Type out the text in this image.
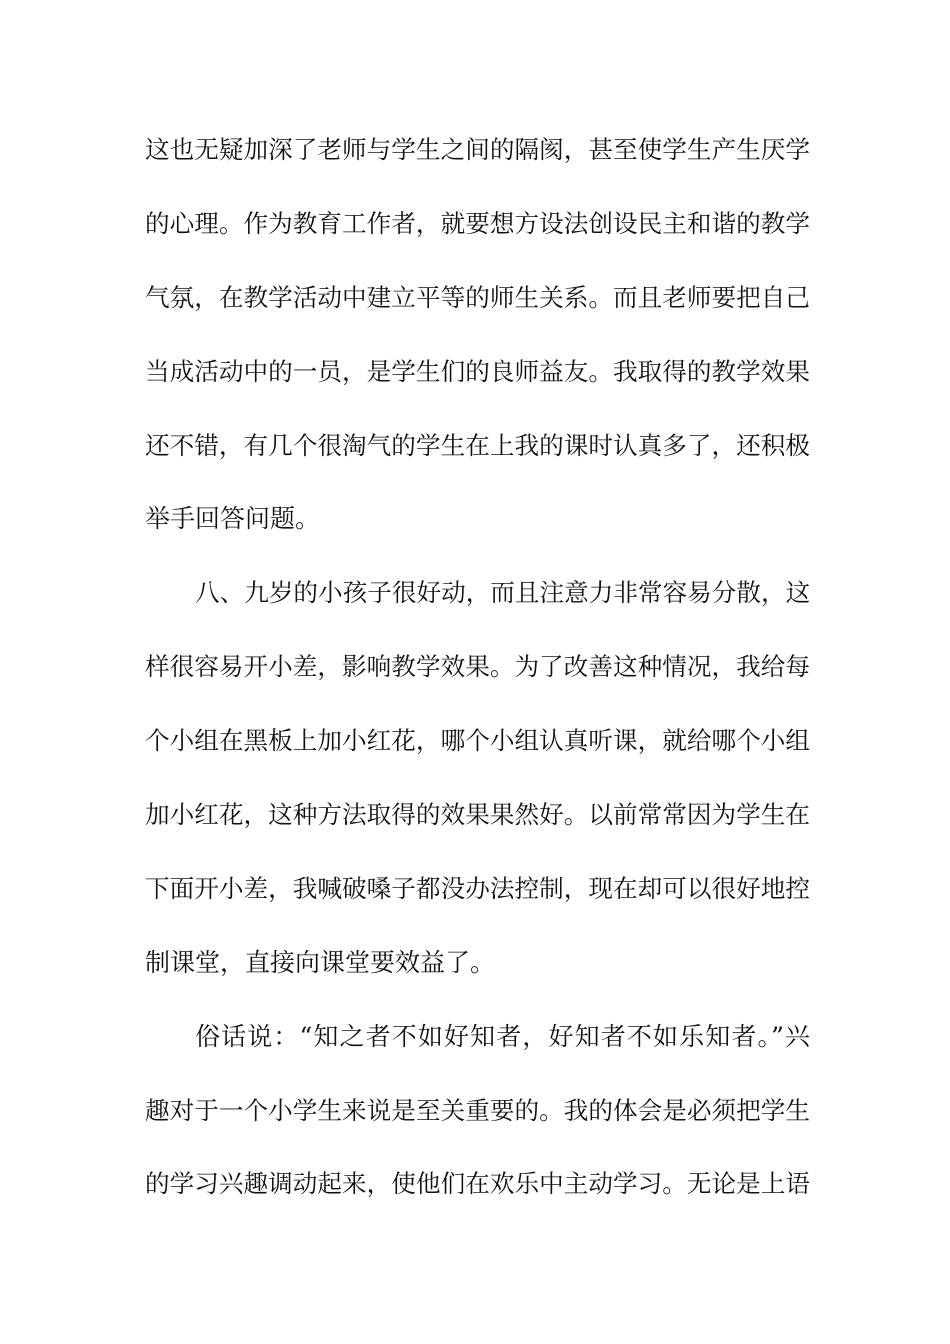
这也无疑加深了老师与学生之间的隔阂，甚至使学生产生厌学
的心理。作为教育工作者，就要想方设法创设民主和谐的教学
气氛，在教学活动中建立平等的师生关系。而且老师要把自己
当成活动中的一员，是学生们的良师益友。我取得的教学效果
还不错，有几个很淘气的学生在上我的课时认真多了，还积极
举手回答问题。
八、九岁的小孩子很好动，而且注意力非常容易分散，这
样很容易开小差，影响教学效果。为了改善这种情况，我给每
个小组在黑板上加小红花，哪个小组认真听课，就给哪个小组
加小红花，这种方法取得的效果果然好。以前常常因为学生在
下面开小差，我喊破嗓子都没办法控制，现在却可以很好地控
制课堂，直接向课堂要效益了。
俗话说：“知之者不如好知者，好知者不如乐知者。”兴
趣对于一个小学生来说是至关重要的。我的体会是必须把学生
的学习兴趣调动起来，使他们在欢乐中主动学习。无论是上语
